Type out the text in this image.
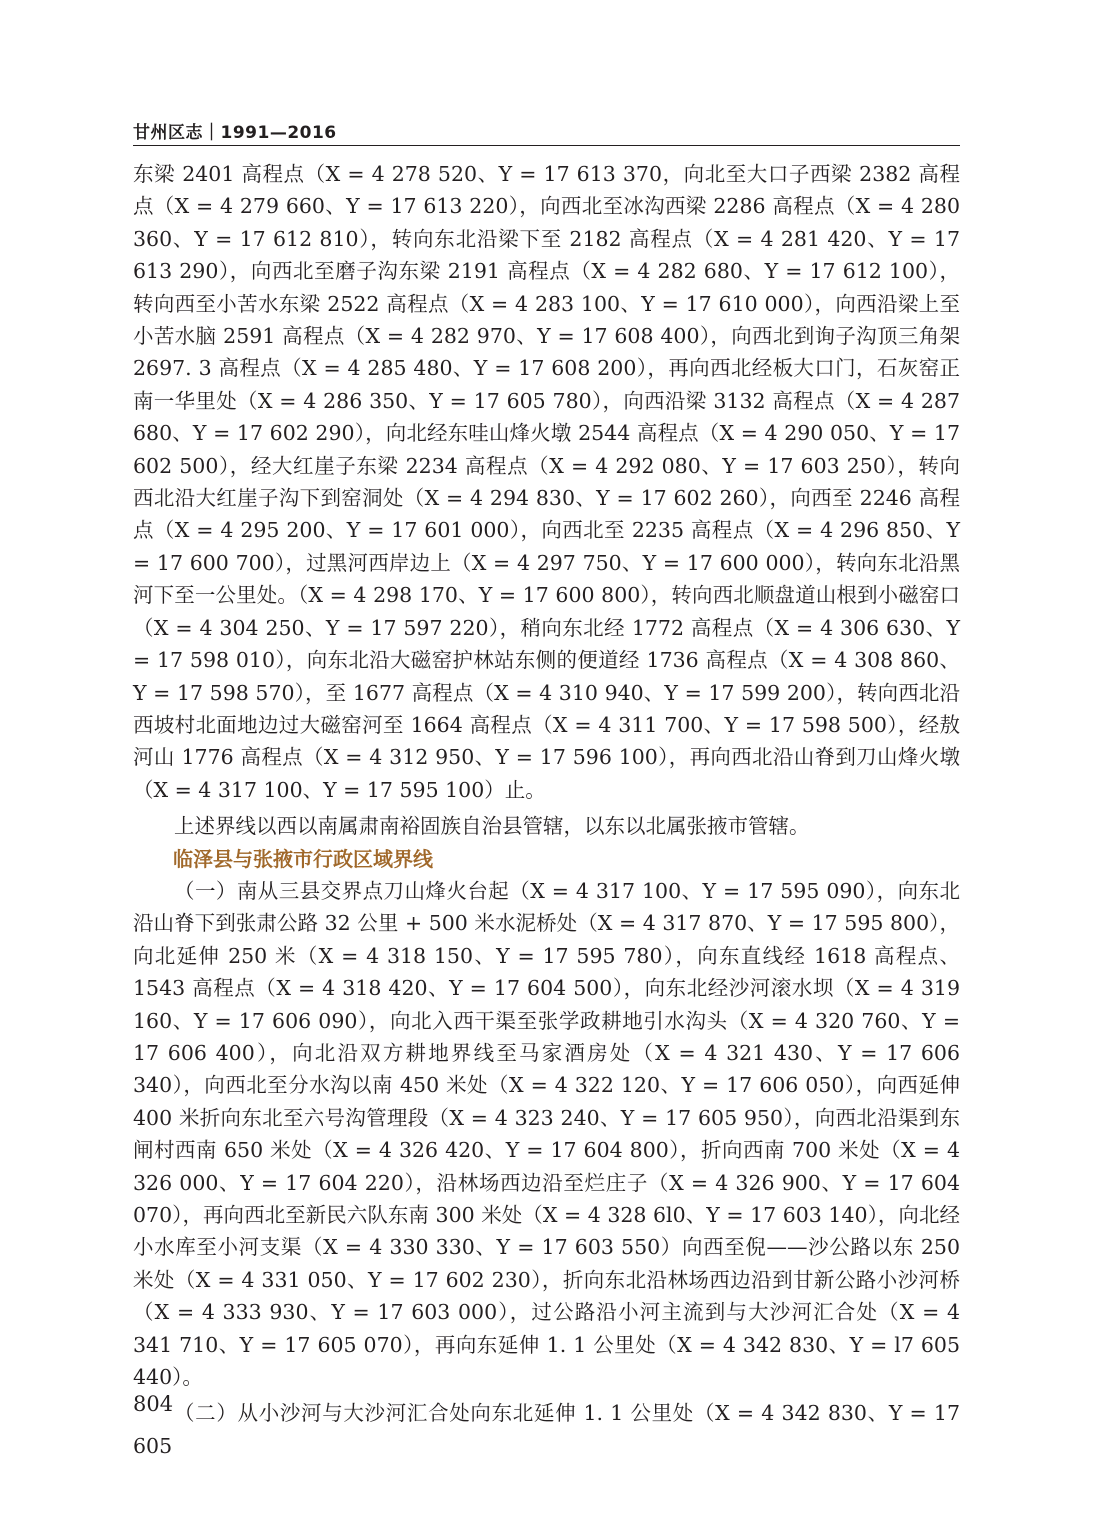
甘州区志｜1991—2016

东梁 2401 高程点（X = 4 278 520、Y = 17 613 370，向北至大口子西梁 2382 高程点（X = 4 279 660、Y = 17 613 220），向西北至冰沟西梁 2286 高程点（X = 4 280 360、Y = 17 612 810），转向东北沿梁下至 2182 高程点（X = 4 281 420、Y = 17 613 290），向西北至磨子沟东梁 2191 高程点（X = 4 282 680、Y = 17 612 100），转向西至小苦水东梁 2522 高程点（X = 4 283 100、Y = 17 610 000），向西沿梁上至小苦水脑 2591 高程点（X = 4 282 970、Y = 17 608 400），向西北到询子沟顶三角架 2697. 3 高程点（X = 4 285 480、Y = 17 608 200），再向西北经板大口门，石灰窑正南一华里处（X = 4 286 350、Y = 17 605 780），向西沿梁 3132 高程点（X = 4 287 680、Y = 17 602 290），向北经东哇山烽火墩 2544 高程点（X = 4 290 050、Y = 17 602 500），经大红崖子东梁 2234 高程点（X = 4 292 080、Y = 17 603 250），转向西北沿大红崖子沟下到窑洞处（X = 4 294 830、Y = 17 602 260），向西至 2246 高程点（X = 4 295 200、Y = 17 601 000），向西北至 2235 高程点（X = 4 296 850、Y = 17 600 700），过黑河西岸边上（X = 4 297 750、Y = 17 600 000），转向东北沿黑河下至一公里处。（X = 4 298 170、Y = 17 600 800），转向西北顺盘道山根到小磁窑口（X = 4 304 250、Y = 17 597 220），稍向东北经 1772 高程点（X = 4 306 630、Y = 17 598 010），向东北沿大磁窑护林站东侧的便道经 1736 高程点（X = 4 308 860、Y = 17 598 570），至 1677 高程点（X = 4 310 940、Y = 17 599 200），转向西北沿西坡村北面地边过大磁窑河至 1664 高程点（X = 4 311 700、Y = 17 598 500），经敖河山 1776 高程点（X = 4 312 950、Y = 17 596 100），再向西北沿山脊到刀山烽火墩（X = 4 317 100、Y = 17 595 100）止。

上述界线以西以南属肃南裕固族自治县管辖，以东以北属张掖市管辖。

临泽县与张掖市行政区域界线

（一）南从三县交界点刀山烽火台起（X = 4 317 100、Y = 17 595 090），向东北沿山脊下到张肃公路 32 公里 + 500 米水泥桥处（X = 4 317 870、Y = 17 595 800），向北延伸 250 米（X = 4 318 150、Y = 17 595 780），向东直线经 1618 高程点、1543 高程点（X = 4 318 420、Y = 17 604 500），向东北经沙河滚水坝（X = 4 319 160、Y = 17 606 090），向北入西干渠至张学政耕地引水沟头（X = 4 320 760、Y = 17 606 400），向北沿双方耕地界线至马家酒房处（X = 4 321 430、Y = 17 606 340），向西北至分水沟以南 450 米处（X = 4 322 120、Y = 17 606 050），向西延伸 400 米折向东北至六号沟管理段（X = 4 323 240、Y = 17 605 950），向西北沿渠到东闸村西南 650 米处（X = 4 326 420、Y = 17 604 800），折向西南 700 米处（X = 4 326 000、Y = 17 604 220），沿林场西边沿至烂庄子（X = 4 326 900、Y = 17 604 070），再向西北至新民六队东南 300 米处（X = 4 328 6l0、Y = 17 603 140），向北经小水库至小河支渠（X = 4 330 330、Y = 17 603 550）向西至倪——沙公路以东 250 米处（X = 4 331 050、Y = 17 602 230），折向东北沿林场西边沿到甘新公路小沙河桥（X = 4 333 930、Y = 17 603 000），过公路沿小河主流到与大沙河汇合处（X = 4 341 710、Y = 17 605 070），再向东延伸 1. 1 公里处（X = 4 342 830、Y = l7 605 440）。

（二）从小沙河与大沙河汇合处向东北延伸 1. 1 公里处（X = 4 342 830、Y = 17 605

804
